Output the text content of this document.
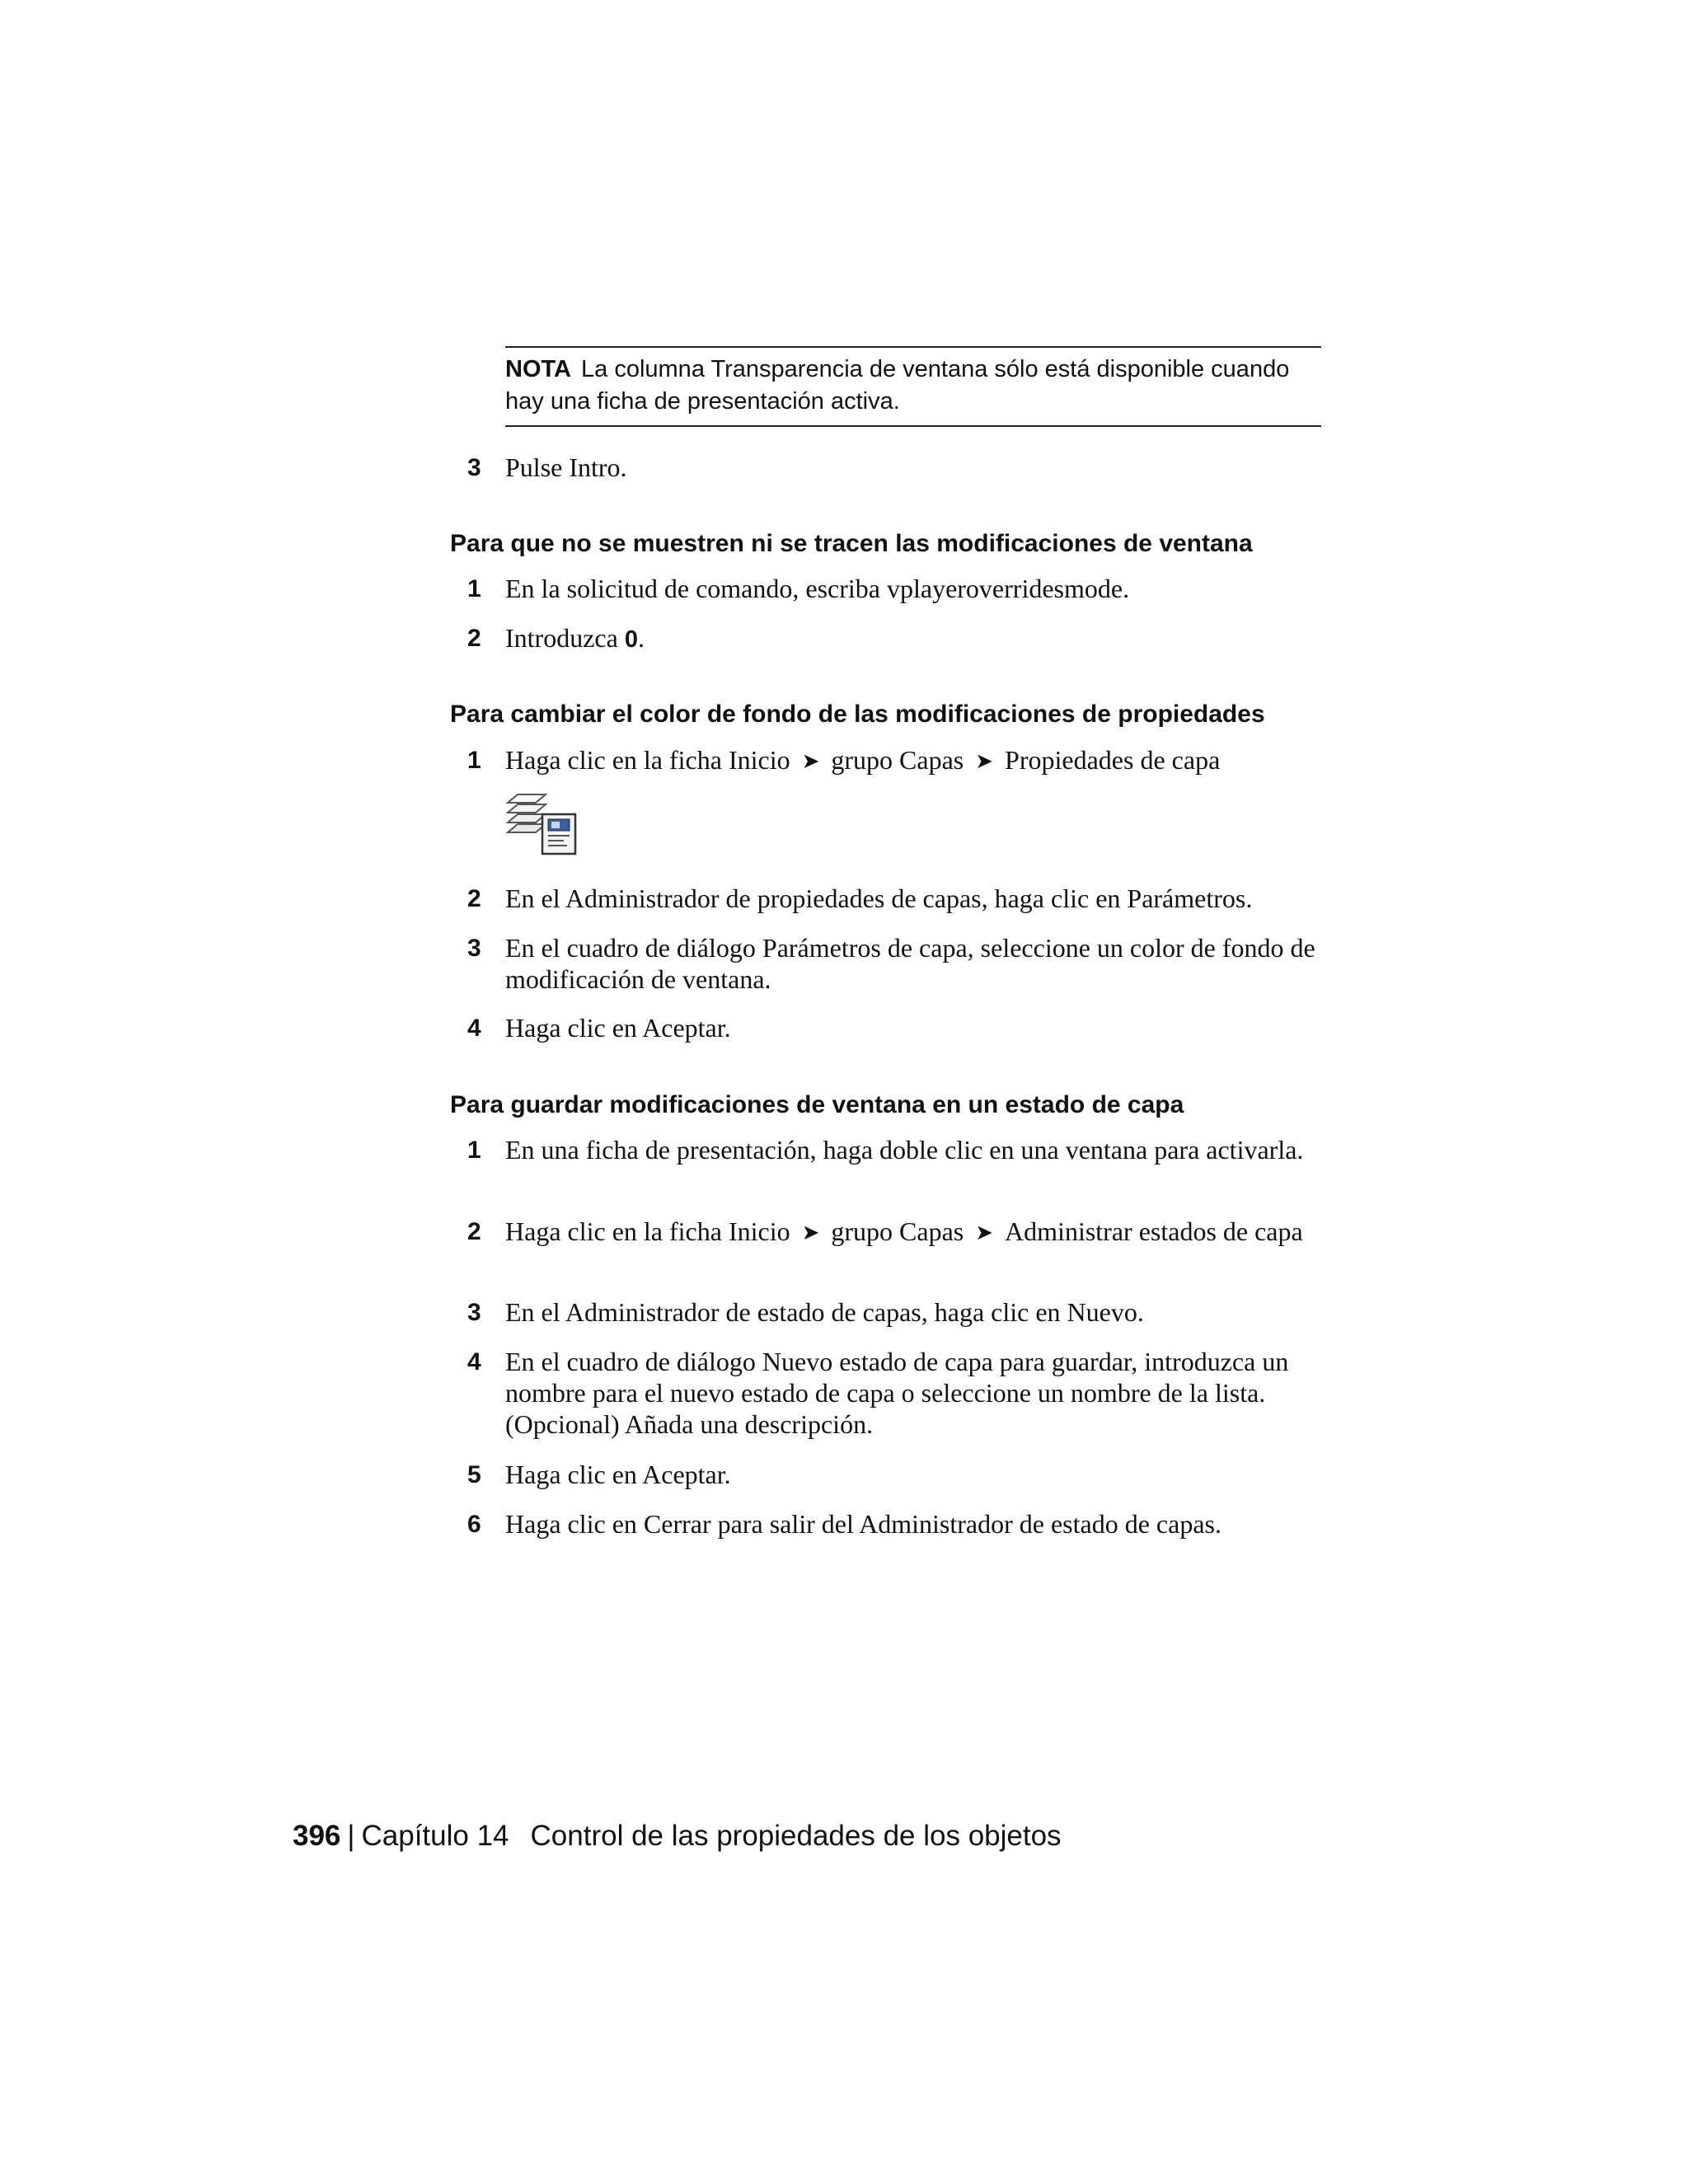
NOTA La columna Transparencia de ventana sólo está disponible cuando hay una ficha de presentación activa.
3 Pulse Intro.
Para que no se muestren ni se tracen las modificaciones de ventana
1 En la solicitud de comando, escriba vplayeroverridesmode.
2 Introduzca 0.
Para cambiar el color de fondo de las modificaciones de propiedades
1 Haga clic en la ficha Inicio ➤ grupo Capas ➤ Propiedades de capa
2 En el Administrador de propiedades de capas, haga clic en Parámetros.
3 En el cuadro de diálogo Parámetros de capa, seleccione un color de fondo de modificación de ventana.
4 Haga clic en Aceptar.
Para guardar modificaciones de ventana en un estado de capa
1 En una ficha de presentación, haga doble clic en una ventana para activarla.
2 Haga clic en la ficha Inicio ➤ grupo Capas ➤ Administrar estados de capa
3 En el Administrador de estado de capas, haga clic en Nuevo.
4 En el cuadro de diálogo Nuevo estado de capa para guardar, introduzca un nombre para el nuevo estado de capa o seleccione un nombre de la lista. (Opcional) Añada una descripción.
5 Haga clic en Aceptar.
6 Haga clic en Cerrar para salir del Administrador de estado de capas.
396 | Capítulo 14 Control de las propiedades de los objetos
